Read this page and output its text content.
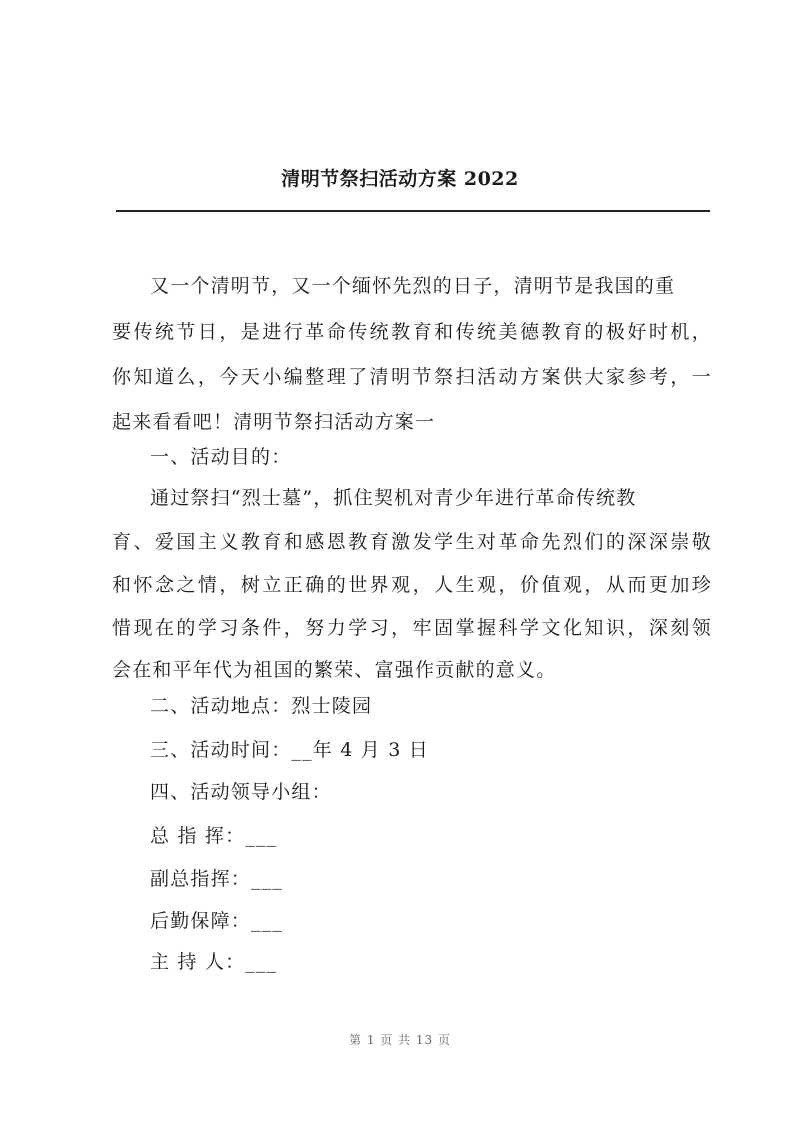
清明节祭扫活动方案 2022
又一个清明节，又一个缅怀先烈的日子，清明节是我国的重
要传统节日，是进行革命传统教育和传统美德教育的极好时机，
你知道么，今天小编整理了清明节祭扫活动方案供大家参考，一
起来看看吧！清明节祭扫活动方案一
一、活动目的：
通过祭扫“烈士墓”，抓住契机对青少年进行革命传统教
育、爱国主义教育和感恩教育激发学生对革命先烈们的深深崇敬
和怀念之情，树立正确的世界观，人生观，价值观，从而更加珍
惜现在的学习条件，努力学习，牢固掌握科学文化知识，深刻领
会在和平年代为祖国的繁荣、富强作贡献的意义。
二、活动地点：烈士陵园
三、活动时间：__年 4 月 3 日
四、活动领导小组：
总 指 挥：___
副总指挥：___
后勤保障：___
主 持 人：___
第 1 页 共 13 页
